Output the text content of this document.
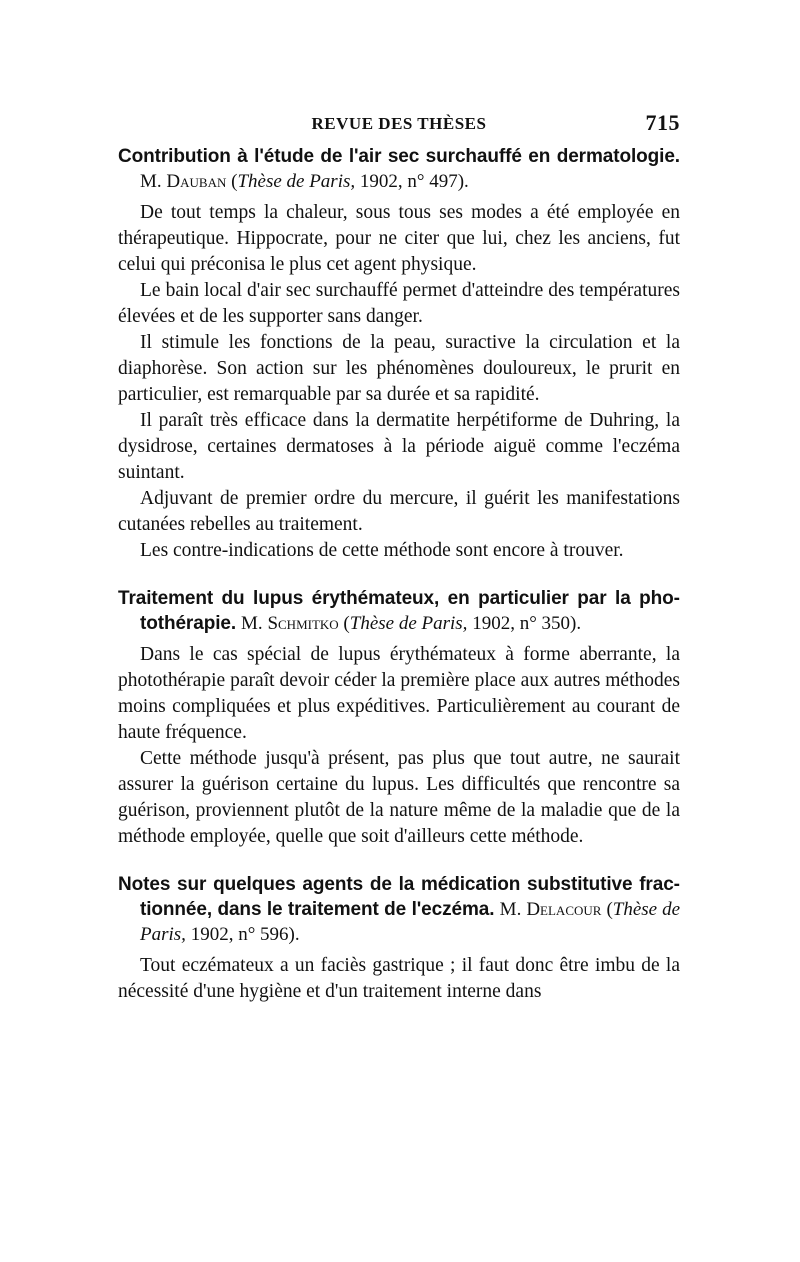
REVUE DES THÈSES	715
Contribution à l'étude de l'air sec surchauffé en dermatologie. M. Dauban (Thèse de Paris, 1902, n° 497).

De tout temps la chaleur, sous tous ses modes a été employée en thérapeutique. Hippocrate, pour ne citer que lui, chez les anciens, fut celui qui préconisa le plus cet agent physique.

Le bain local d'air sec surchauffé permet d'atteindre des températures élevées et de les supporter sans danger.

Il stimule les fonctions de la peau, suractive la circulation et la diaphorèse. Son action sur les phénomènes douloureux, le prurit en particulier, est remarquable par sa durée et sa rapidité.

Il paraît très efficace dans la dermatite herpétiforme de Duhring, la dysidrose, certaines dermatoses à la période aiguë comme l'eczéma suintant.

Adjuvant de premier ordre du mercure, il guérit les manifestations cutanées rebelles au traitement.

Les contre-indications de cette méthode sont encore à trouver.

Traitement du lupus érythémateux, en particulier par la photothérapie. M. Schmitko (Thèse de Paris, 1902, n° 350).

Dans le cas spécial de lupus érythémateux à forme aberrante, la photothérapie paraît devoir céder la première place aux autres méthodes moins compliquées et plus expéditives. Particulièrement au courant de haute fréquence.

Cette méthode jusqu'à présent, pas plus que tout autre, ne saurait assurer la guérison certaine du lupus. Les difficultés que rencontre sa guérison, proviennent plutôt de la nature même de la maladie que de la méthode employée, quelle que soit d'ailleurs cette méthode.

Notes sur quelques agents de la médication substitutive fractionnée, dans le traitement de l'eczéma. M. Delacour (Thèse de Paris, 1902, n° 596).

Tout eczémateux a un faciès gastrique ; il faut donc être imbu de la nécessité d'une hygiène et d'un traitement interne dans
